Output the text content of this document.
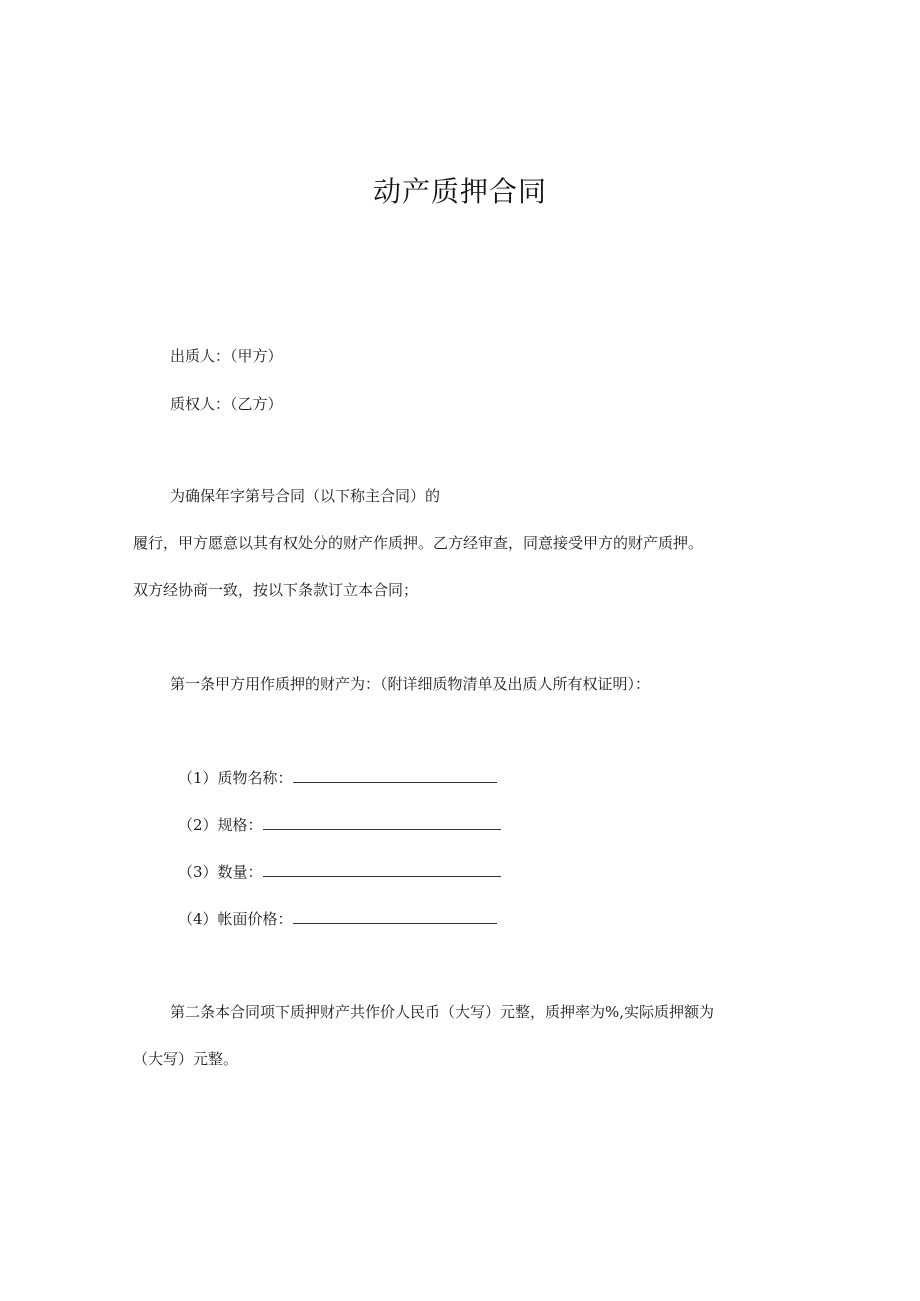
动产质押合同
出质人：（甲方）
质权人：（乙方）
为确保年字第号合同（以下称主合同）的
履行，甲方愿意以其有权处分的财产作质押。乙方经审查，同意接受甲方的财产质押。
双方经协商一致，按以下条款订立本合同；
第一条甲方用作质押的财产为：（附详细质物清单及出质人所有权证明）：
（1）质物名称：
（2）规格：
（3）数量：
（4）帐面价格：
第二条本合同项下质押财产共作价人民币（大写）元整，质押率为%,实际质押额为
（大写）元整。
